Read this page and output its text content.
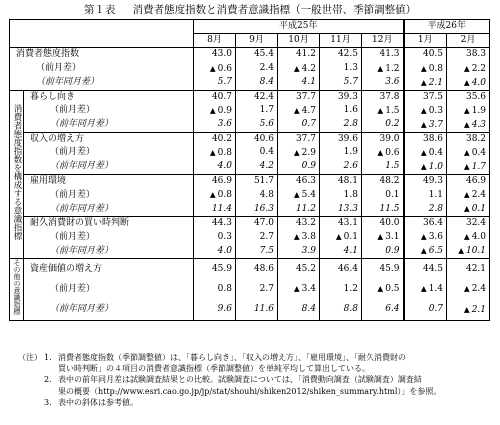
第１表 消費者態度指数と消費者意識指標（一般世帯、季節調整値）
		平成25年					平成26年	
		8月	9月	10月	11月	12月	1月	2月
消費者態度指数		43.0	45.4	41.2	42.5	41.3	40.5	38.3
（前月差）		▲ 0.6	2.4	▲ 4.2	1.3	▲ 1.2	▲ 0.8	▲ 2.2
（前年同月差）		5.7	8.4	4.1	5.7	3.6	▲ 2.1	▲ 4.0
消費者態度指数を構成する意識指標	暮らし向き	40.7	42.4	37.7	39.3	37.8	37.5	35.6
	（前月差）	▲ 0.9	1.7	▲ 4.7	1.6	▲ 1.5	▲ 0.3	▲ 1.9
	（前年同月差）	3.6	5.6	0.7	2.8	0.2	▲ 3.7	▲ 4.3
	収入の増え方	40.2	40.6	37.7	39.6	39.0	38.6	38.2
	（前月差）	▲ 0.8	0.4	▲ 2.9	1.9	▲ 0.6	▲ 0.4	▲ 0.4
	（前年同月差）	4.0	4.2	0.9	2.6	1.5	▲ 1.0	▲ 1.7
	雇用環境	46.9	51.7	46.3	48.1	48.2	49.3	46.9
	（前月差）	▲ 0.8	4.8	▲ 5.4	1.8	0.1	1.1	▲ 2.4
	（前年同月差）	11.4	16.3	11.2	13.3	11.5	2.8	▲ 0.1
	耐久消費財の買い時判断	44.3	47.0	43.2	43.1	40.0	36.4	32.4
	（前月差）	0.3	2.7	▲ 3.8	▲ 0.1	▲ 3.1	▲ 3.6	▲ 4.0
	（前年同月差）	4.0	7.5	3.9	4.1	0.9	▲ 6.5	▲ 10.1
その他の意識指標	資産価値の増え方	45.9	48.6	45.2	46.4	45.9	44.5	42.1
	（前月差）	0.8	2.7	▲ 3.4	1.2	▲ 0.5	▲ 1.4	▲ 2.4
	（前年同月差）	9.6	11.6	8.4	8.8	6.4	0.7	▲ 2.1
（注） 1. 消費者態度指数（季節調整値）は、「暮らし向き」、「収入の増え方」、「雇用環境」、「耐久消費財の
買い時判断」の４項目の消費者意識指標（季節調整値）を単純平均して算出している。
2. 表中の前年同月差は試験調査結果との比較。試験調査については、「消費動向調査（試験調査）調査結
果の概要（http://www.esri.cao.go.jp/jp/stat/shouhi/shiken2012/shiken_summary.html）」を参照。
3. 表中の斜体は参考値。
